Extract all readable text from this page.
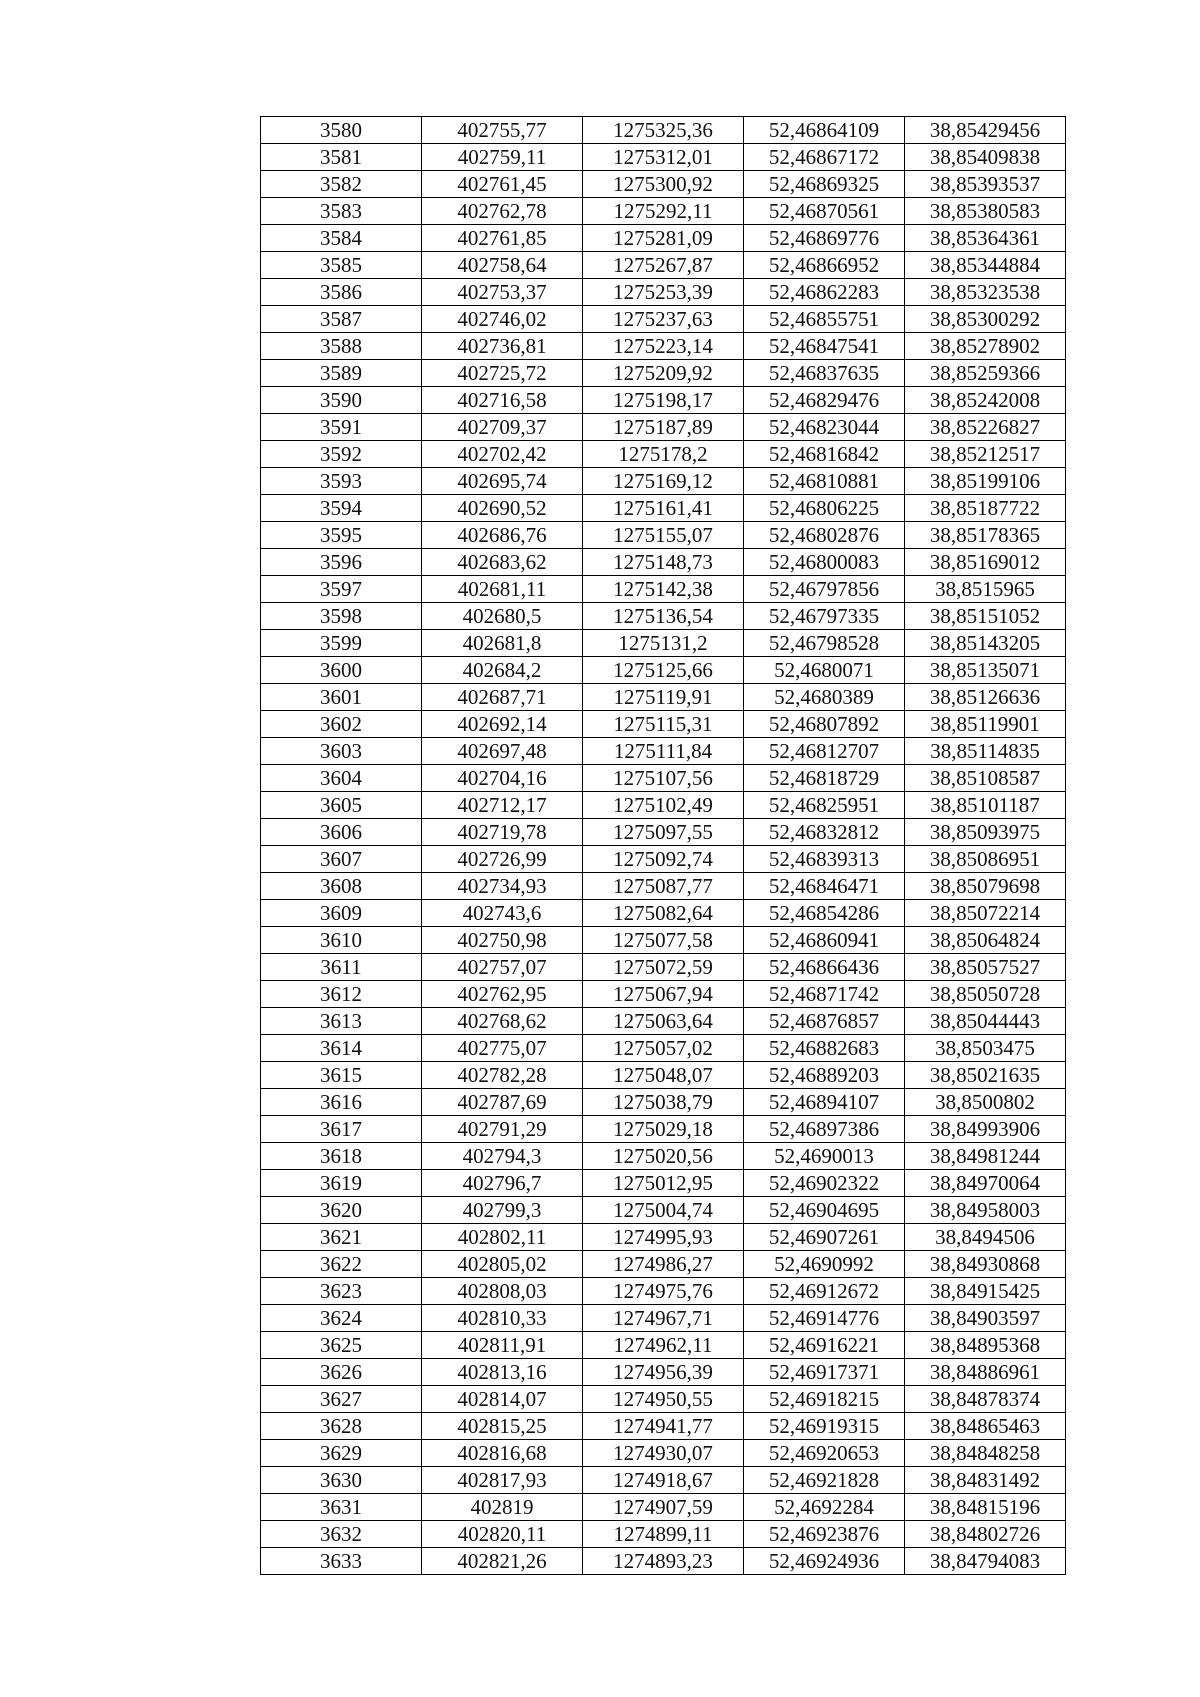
3580	402755,77	1275325,36	52,46864109	38,85429456
3581	402759,11	1275312,01	52,46867172	38,85409838
3582	402761,45	1275300,92	52,46869325	38,85393537
3583	402762,78	1275292,11	52,46870561	38,85380583
3584	402761,85	1275281,09	52,46869776	38,85364361
3585	402758,64	1275267,87	52,46866952	38,85344884
3586	402753,37	1275253,39	52,46862283	38,85323538
3587	402746,02	1275237,63	52,46855751	38,85300292
3588	402736,81	1275223,14	52,46847541	38,85278902
3589	402725,72	1275209,92	52,46837635	38,85259366
3590	402716,58	1275198,17	52,46829476	38,85242008
3591	402709,37	1275187,89	52,46823044	38,85226827
3592	402702,42	1275178,2	52,46816842	38,85212517
3593	402695,74	1275169,12	52,46810881	38,85199106
3594	402690,52	1275161,41	52,46806225	38,85187722
3595	402686,76	1275155,07	52,46802876	38,85178365
3596	402683,62	1275148,73	52,46800083	38,85169012
3597	402681,11	1275142,38	52,46797856	38,8515965
3598	402680,5	1275136,54	52,46797335	38,85151052
3599	402681,8	1275131,2	52,46798528	38,85143205
3600	402684,2	1275125,66	52,4680071	38,85135071
3601	402687,71	1275119,91	52,4680389	38,85126636
3602	402692,14	1275115,31	52,46807892	38,85119901
3603	402697,48	1275111,84	52,46812707	38,85114835
3604	402704,16	1275107,56	52,46818729	38,85108587
3605	402712,17	1275102,49	52,46825951	38,85101187
3606	402719,78	1275097,55	52,46832812	38,85093975
3607	402726,99	1275092,74	52,46839313	38,85086951
3608	402734,93	1275087,77	52,46846471	38,85079698
3609	402743,6	1275082,64	52,46854286	38,85072214
3610	402750,98	1275077,58	52,46860941	38,85064824
3611	402757,07	1275072,59	52,46866436	38,85057527
3612	402762,95	1275067,94	52,46871742	38,85050728
3613	402768,62	1275063,64	52,46876857	38,85044443
3614	402775,07	1275057,02	52,46882683	38,8503475
3615	402782,28	1275048,07	52,46889203	38,85021635
3616	402787,69	1275038,79	52,46894107	38,8500802
3617	402791,29	1275029,18	52,46897386	38,84993906
3618	402794,3	1275020,56	52,4690013	38,84981244
3619	402796,7	1275012,95	52,46902322	38,84970064
3620	402799,3	1275004,74	52,46904695	38,84958003
3621	402802,11	1274995,93	52,46907261	38,8494506
3622	402805,02	1274986,27	52,4690992	38,84930868
3623	402808,03	1274975,76	52,46912672	38,84915425
3624	402810,33	1274967,71	52,46914776	38,84903597
3625	402811,91	1274962,11	52,46916221	38,84895368
3626	402813,16	1274956,39	52,46917371	38,84886961
3627	402814,07	1274950,55	52,46918215	38,84878374
3628	402815,25	1274941,77	52,46919315	38,84865463
3629	402816,68	1274930,07	52,46920653	38,84848258
3630	402817,93	1274918,67	52,46921828	38,84831492
3631	402819	1274907,59	52,4692284	38,84815196
3632	402820,11	1274899,11	52,46923876	38,84802726
3633	402821,26	1274893,23	52,46924936	38,84794083
